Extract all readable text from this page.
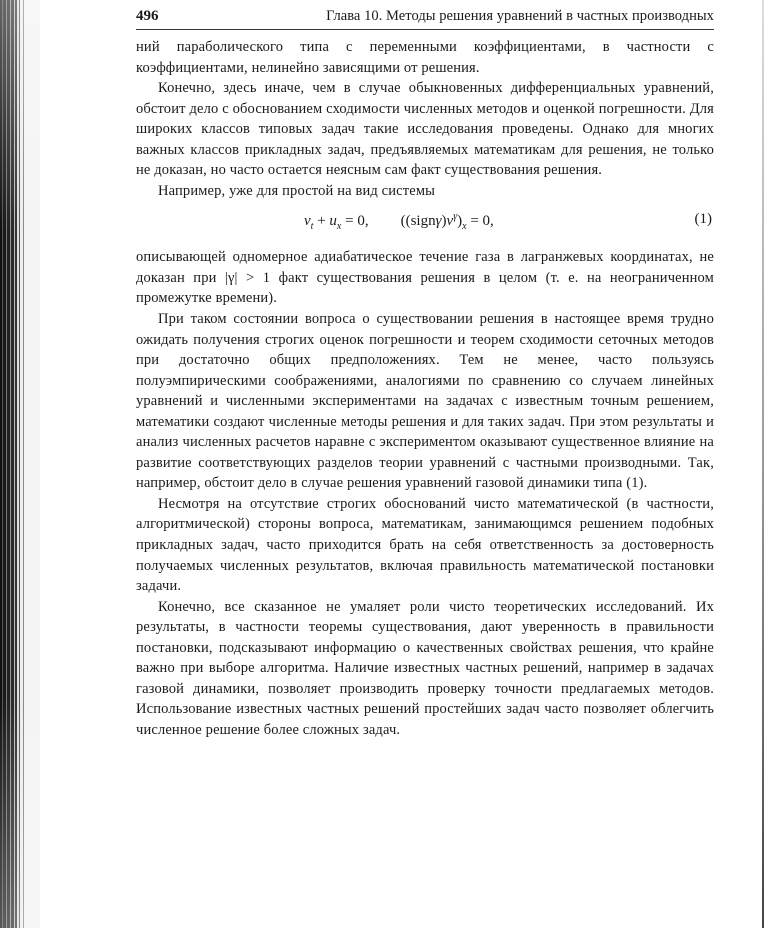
496	Глава 10. Методы решения уравнений в частных производных

ний параболического типа с переменными коэффициентами, в частности с коэффициентами, нелинейно зависящими от решения.

Конечно, здесь иначе, чем в случае обыкновенных дифференциальных уравнений, обстоит дело с обоснованием сходимости численных методов и оценкой погрешности. Для широких классов типовых задач такие исследования проведены. Однако для многих важных классов прикладных задач, предъявляемых математикам для решения, не только не доказан, но часто остается неясным сам факт существования решения.

Например, уже для простой на вид системы

$v_t + u_x = 0$, $((sign\gamma)v^\gamma)_x = 0$,	(1)

описывающей одномерное адиабатическое течение газа в лагранжевых координатах, не доказан при |γ| > 1 факт существования решения в целом (т. е. на неограниченном промежутке времени).

При таком состоянии вопроса о существовании решения в настоящее время трудно ожидать получения строгих оценок погрешности и теорем сходимости сеточных методов при достаточно общих предположениях. Тем не менее, часто пользуясь полуэмпирическими соображениями, аналогиями по сравнению со случаем линейных уравнений и численными экспериментами на задачах с известным точным решением, математики создают численные методы решения и для таких задач. При этом результаты и анализ численных расчетов наравне с экспериментом оказывают существенное влияние на развитие соответствующих разделов теории уравнений с частными производными. Так, например, обстоит дело в случае решения уравнений газовой динамики типа (1).

Несмотря на отсутствие строгих обоснований чисто математической (в частности, алгоритмической) стороны вопроса, математикам, занимающимся решением подобных прикладных задач, часто приходится брать на себя ответственность за достоверность получаемых численных результатов, включая правильность математической постановки задачи.

Конечно, все сказанное не умаляет роли чисто теоретических исследований. Их результаты, в частности теоремы существования, дают уверенность в правильности постановки, подсказывают информацию о качественных свойствах решения, что крайне важно при выборе алгоритма. Наличие известных частных решений, например в задачах газовой динамики, позволяет производить проверку точности предлагаемых методов. Использование известных частных решений простейших задач часто позволяет облегчить численное решение более сложных задач.
